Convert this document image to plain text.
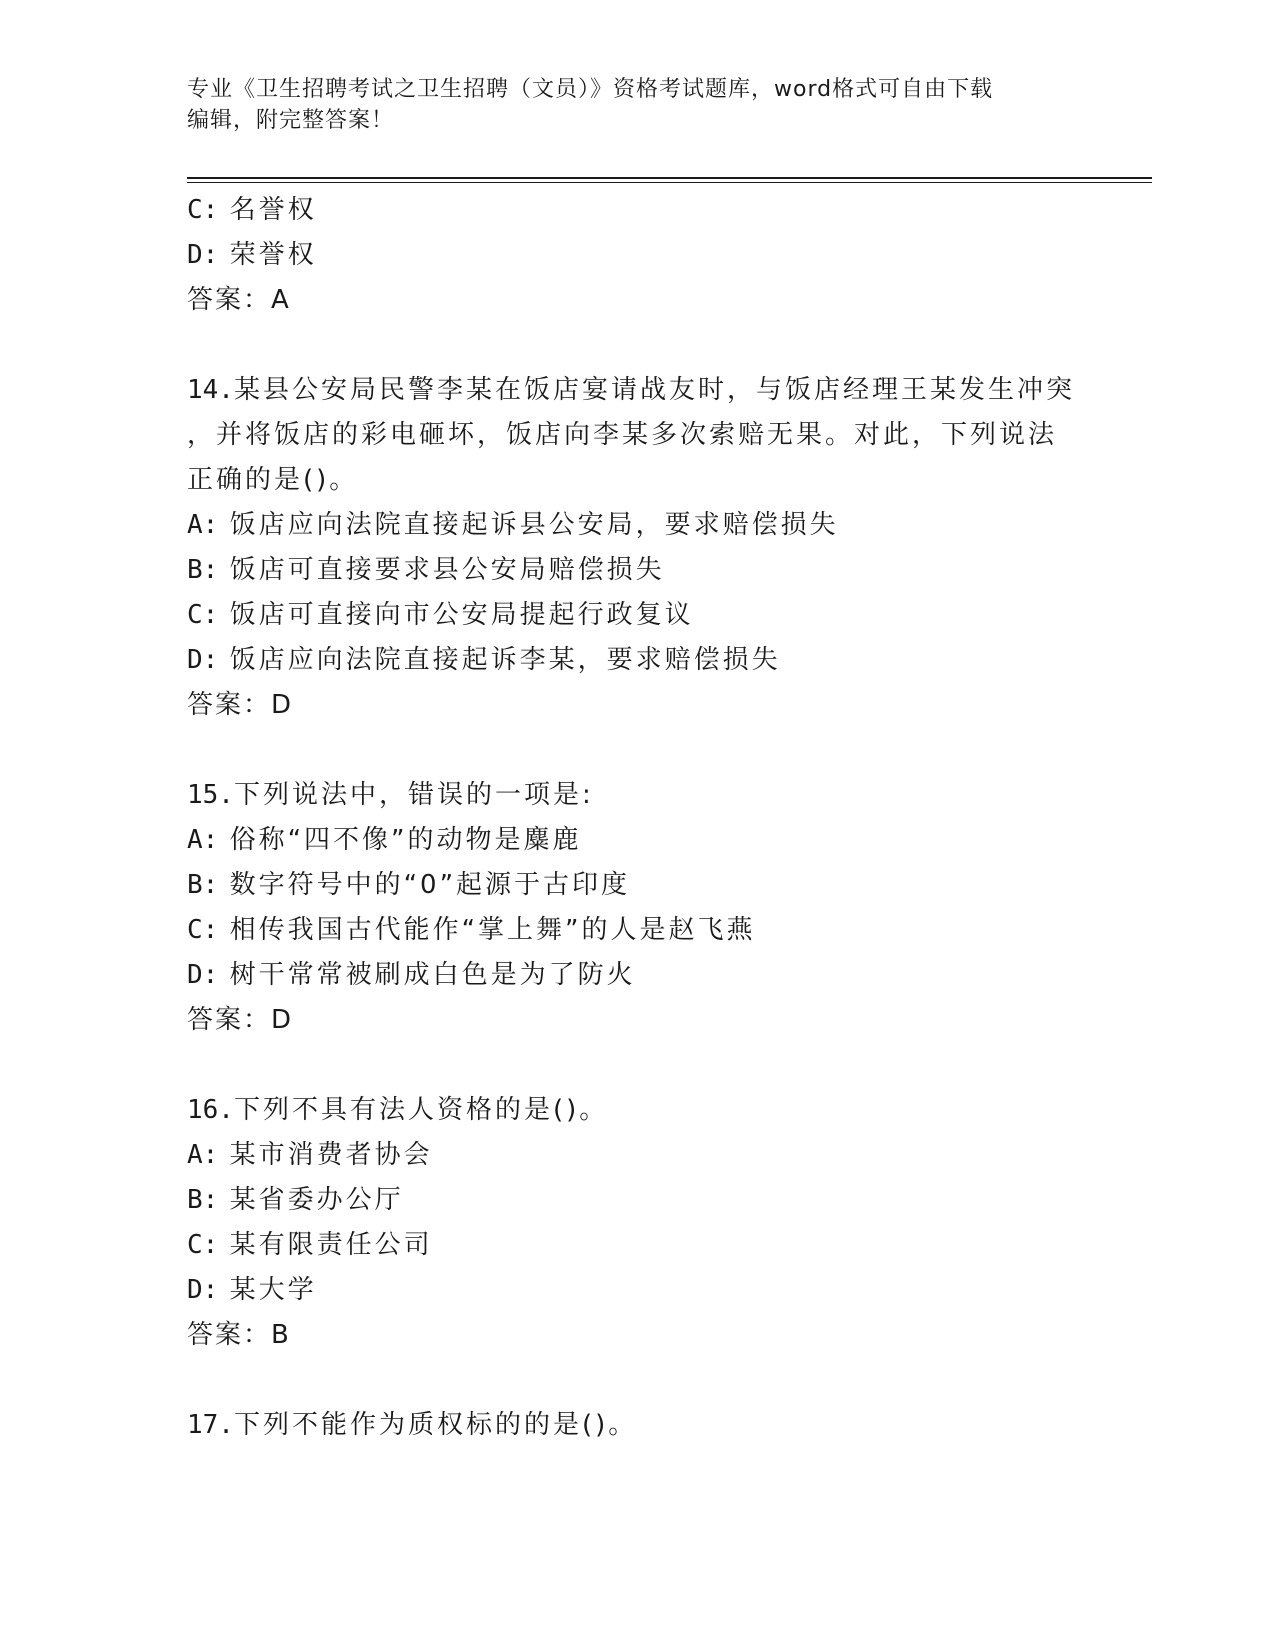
专业《卫生招聘考试之卫生招聘（文员）》资格考试题库，word格式可自由下载
编辑，附完整答案！
C: 名誉权
D: 荣誉权
答案：A
14.某县公安局民警李某在饭店宴请战友时，与饭店经理王某发生冲突
，并将饭店的彩电砸坏，饭店向李某多次索赔无果。对此，下列说法
正确的是()。
A: 饭店应向法院直接起诉县公安局，要求赔偿损失
B: 饭店可直接要求县公安局赔偿损失
C: 饭店可直接向市公安局提起行政复议
D: 饭店应向法院直接起诉李某，要求赔偿损失
答案：D
15.下列说法中，错误的一项是:
A: 俗称“四不像”的动物是麋鹿
B: 数字符号中的“0”起源于古印度
C: 相传我国古代能作“掌上舞”的人是赵飞燕
D: 树干常常被刷成白色是为了防火
答案：D
16.下列不具有法人资格的是()。
A: 某市消费者协会
B: 某省委办公厅
C: 某有限责任公司
D: 某大学
答案：B
17.下列不能作为质权标的的是()。
